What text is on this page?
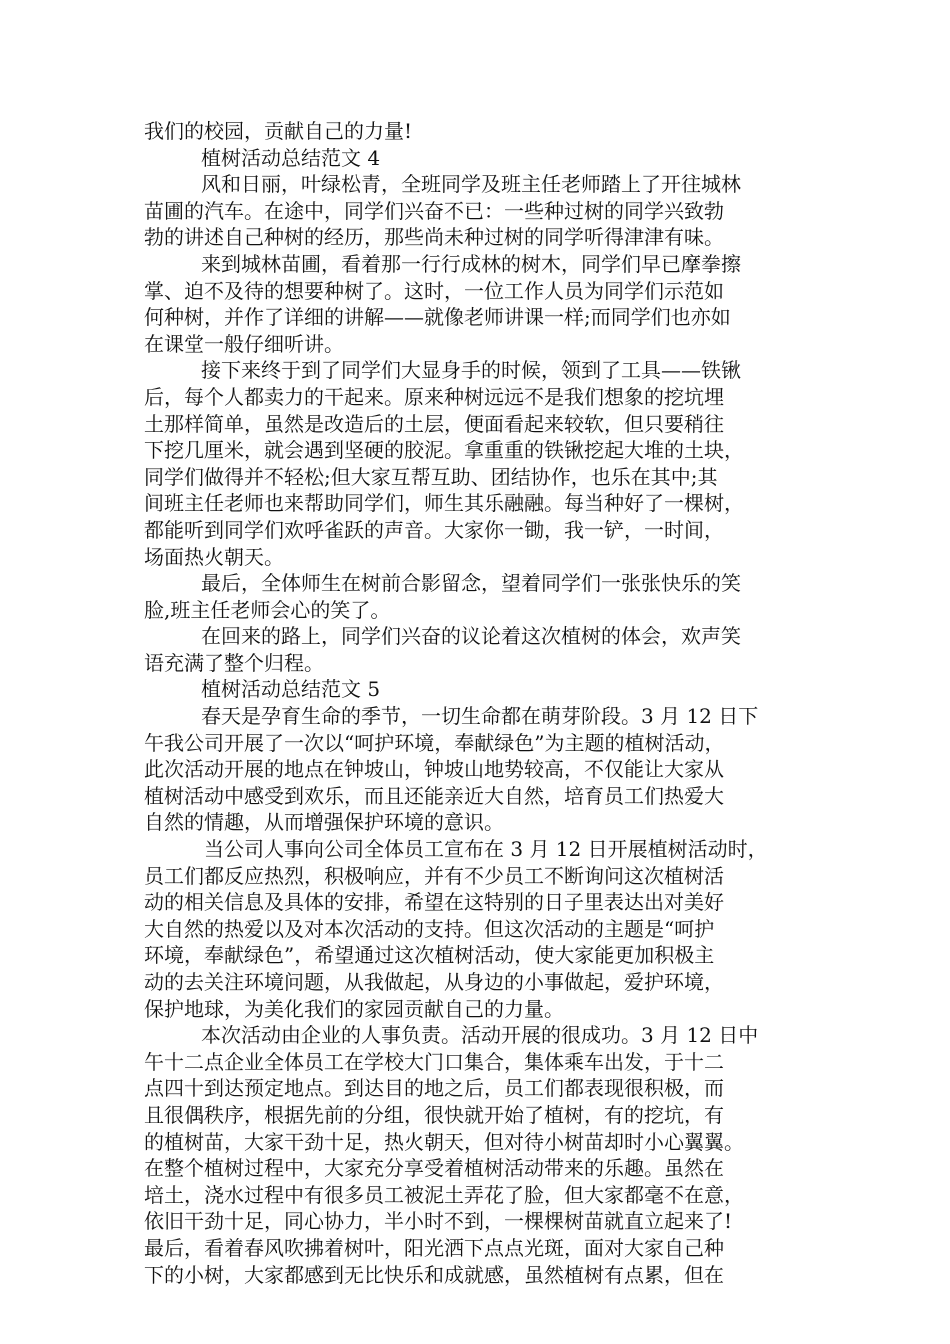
我们的校园，贡献自己的力量!
植树活动总结范文 4
风和日丽，叶绿松青，全班同学及班主任老师踏上了开往城林
苗圃的汽车。在途中，同学们兴奋不已：一些种过树的同学兴致勃
勃的讲述自己种树的经历，那些尚未种过树的同学听得津津有味。
来到城林苗圃，看着那一行行成林的树木，同学们早已摩拳擦
掌、迫不及待的想要种树了。这时，一位工作人员为同学们示范如
何种树，并作了详细的讲解——就像老师讲课一样;而同学们也亦如
在课堂一般仔细听讲。
接下来终于到了同学们大显身手的时候，领到了工具——铁锹
后，每个人都卖力的干起来。原来种树远远不是我们想象的挖坑埋
土那样简单，虽然是改造后的土层，便面看起来较软，但只要稍往
下挖几厘米，就会遇到坚硬的胶泥。拿重重的铁锹挖起大堆的土块，
同学们做得并不轻松;但大家互帮互助、团结协作，也乐在其中;其
间班主任老师也来帮助同学们，师生其乐融融。每当种好了一棵树，
都能听到同学们欢呼雀跃的声音。大家你一锄，我一铲，一时间，
场面热火朝天。
最后，全体师生在树前合影留念，望着同学们一张张快乐的笑
脸,班主任老师会心的笑了。
在回来的路上，同学们兴奋的议论着这次植树的体会，欢声笑
语充满了整个归程。
植树活动总结范文 5
春天是孕育生命的季节，一切生命都在萌芽阶段。3 月 12 日下
午我公司开展了一次以“呵护环境，奉献绿色”为主题的植树活动，
此次活动开展的地点在钟坡山，钟坡山地势较高，不仅能让大家从
植树活动中感受到欢乐，而且还能亲近大自然，培育员工们热爱大
自然的情趣，从而增强保护环境的意识。
当公司人事向公司全体员工宣布在 3 月 12 日开展植树活动时，
员工们都反应热烈，积极响应，并有不少员工不断询问这次植树活
动的相关信息及具体的安排，希望在这特别的日子里表达出对美好
大自然的热爱以及对本次活动的支持。但这次活动的主题是“呵护
环境，奉献绿色”，希望通过这次植树活动，使大家能更加积极主
动的去关注环境问题，从我做起，从身边的小事做起，爱护环境，
保护地球，为美化我们的家园贡献自己的力量。
本次活动由企业的人事负责。活动开展的很成功。3 月 12 日中
午十二点企业全体员工在学校大门口集合，集体乘车出发，于十二
点四十到达预定地点。到达目的地之后，员工们都表现很积极，而
且很偶秩序，根据先前的分组，很快就开始了植树，有的挖坑，有
的植树苗，大家干劲十足，热火朝天，但对待小树苗却时小心翼翼。
在整个植树过程中，大家充分享受着植树活动带来的乐趣。虽然在
培土，浇水过程中有很多员工被泥土弄花了脸，但大家都毫不在意，
依旧干劲十足，同心协力，半小时不到，一棵棵树苗就直立起来了!
最后，看着春风吹拂着树叶，阳光洒下点点光斑，面对大家自己种
下的小树，大家都感到无比快乐和成就感，虽然植树有点累，但在
